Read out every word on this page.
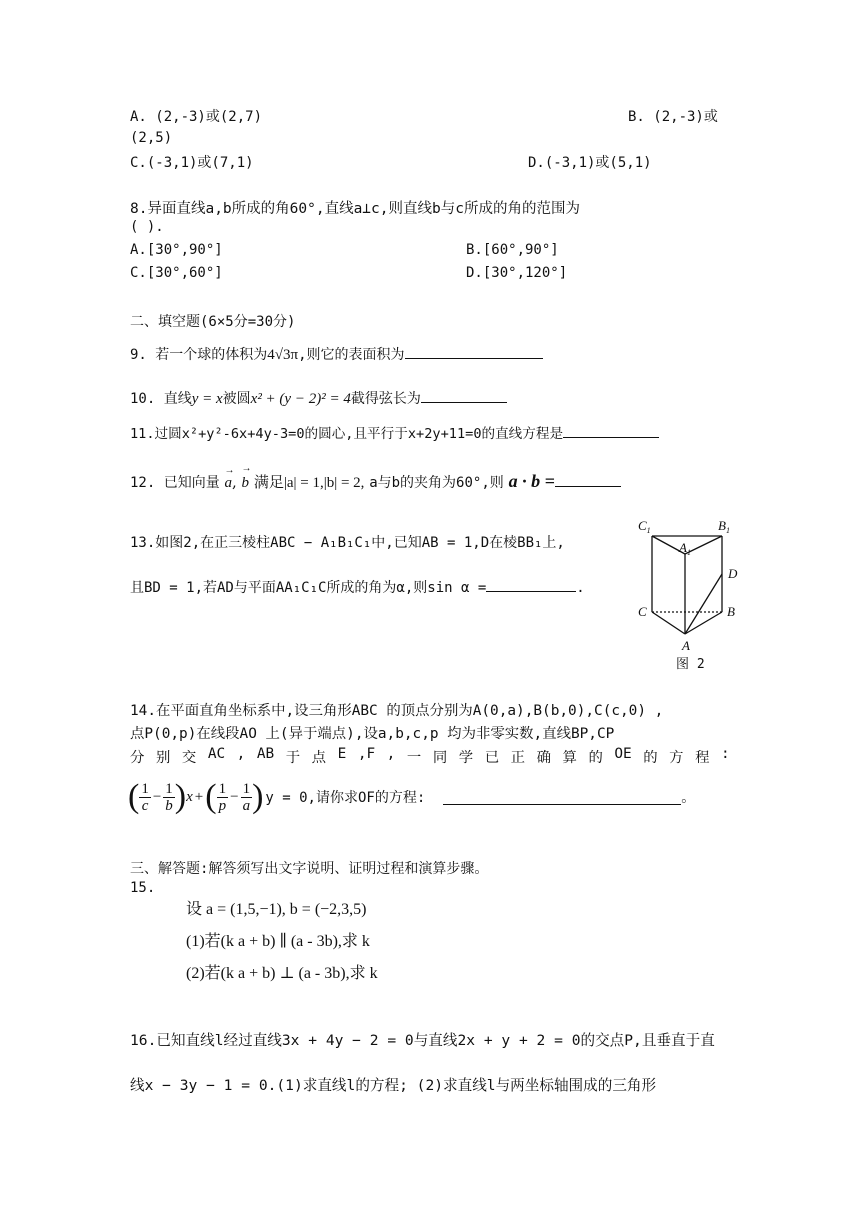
A. (2,-3)或(2,7)	B. (2,-3)或
(2,5)
C.(-3,1)或(7,1)	D.(-3,1)或(5,1)
8.异面直线a,b所成的角60°,直线a⊥c,则直线b与c所成的角的范围为
( ).
A.[30°,90°]	B.[60°,90°]
C.[30°,60°]	D.[30°,120°]
二、填空题(6×5分=30分)
9. 若一个球的体积为4√3π,则它的表面积为
10. 直线y = x被圆x² + (y − 2)² = 4截得弦长为
11.过圆x²+y²-6x+4y-3=0的圆心,且平行于x+2y+11=0的直线方程是
12. 已知向量
→
a,
→
b 满足|a| = 1,|b| = 2, a与b的夹角为60°,则 a · b =
13.如图2,在正三棱柱ABC − A₁B₁C₁中,已知AB = 1,D在棱BB₁上,
且BD = 1,若AD与平面AA₁C₁C所成的角为α,则sin α =	.
$C_1$	$B_1$
$A_1$
D
C	B
A
图 2
14.在平面直角坐标系中,设三角形ABC 的顶点分别为A(0,a),B(b,0),C(c,0) ,
点P(0,p)在线段AO 上(异于端点),设a,b,c,p 均为非零实数,直线BP,CP
分 别 交 AC , AB 于 点 E ,F , 一 同 学 已 正 确 算 的 OE 的 方 程 :
( $\frac{1}{c} - \frac{1}{b}$ ) x + ( $\frac{1}{p} - \frac{1}{a}$ ) y = 0,请你求OF的方程:	。
三、解答题:解答须写出文字说明、证明过程和演算步骤。
15.
设 a = (1,5,−1), b = (−2,3,5)
(1)若(k a + b) ∥ (a - 3b),求 k
(2)若(k a + b) ⊥ (a - 3b),求 k
16.已知直线l经过直线3x + 4y − 2 = 0与直线2x + y + 2 = 0的交点P,且垂直于直
线x − 3y − 1 = 0.(1)求直线l的方程; (2)求直线l与两坐标轴围成的三角形
